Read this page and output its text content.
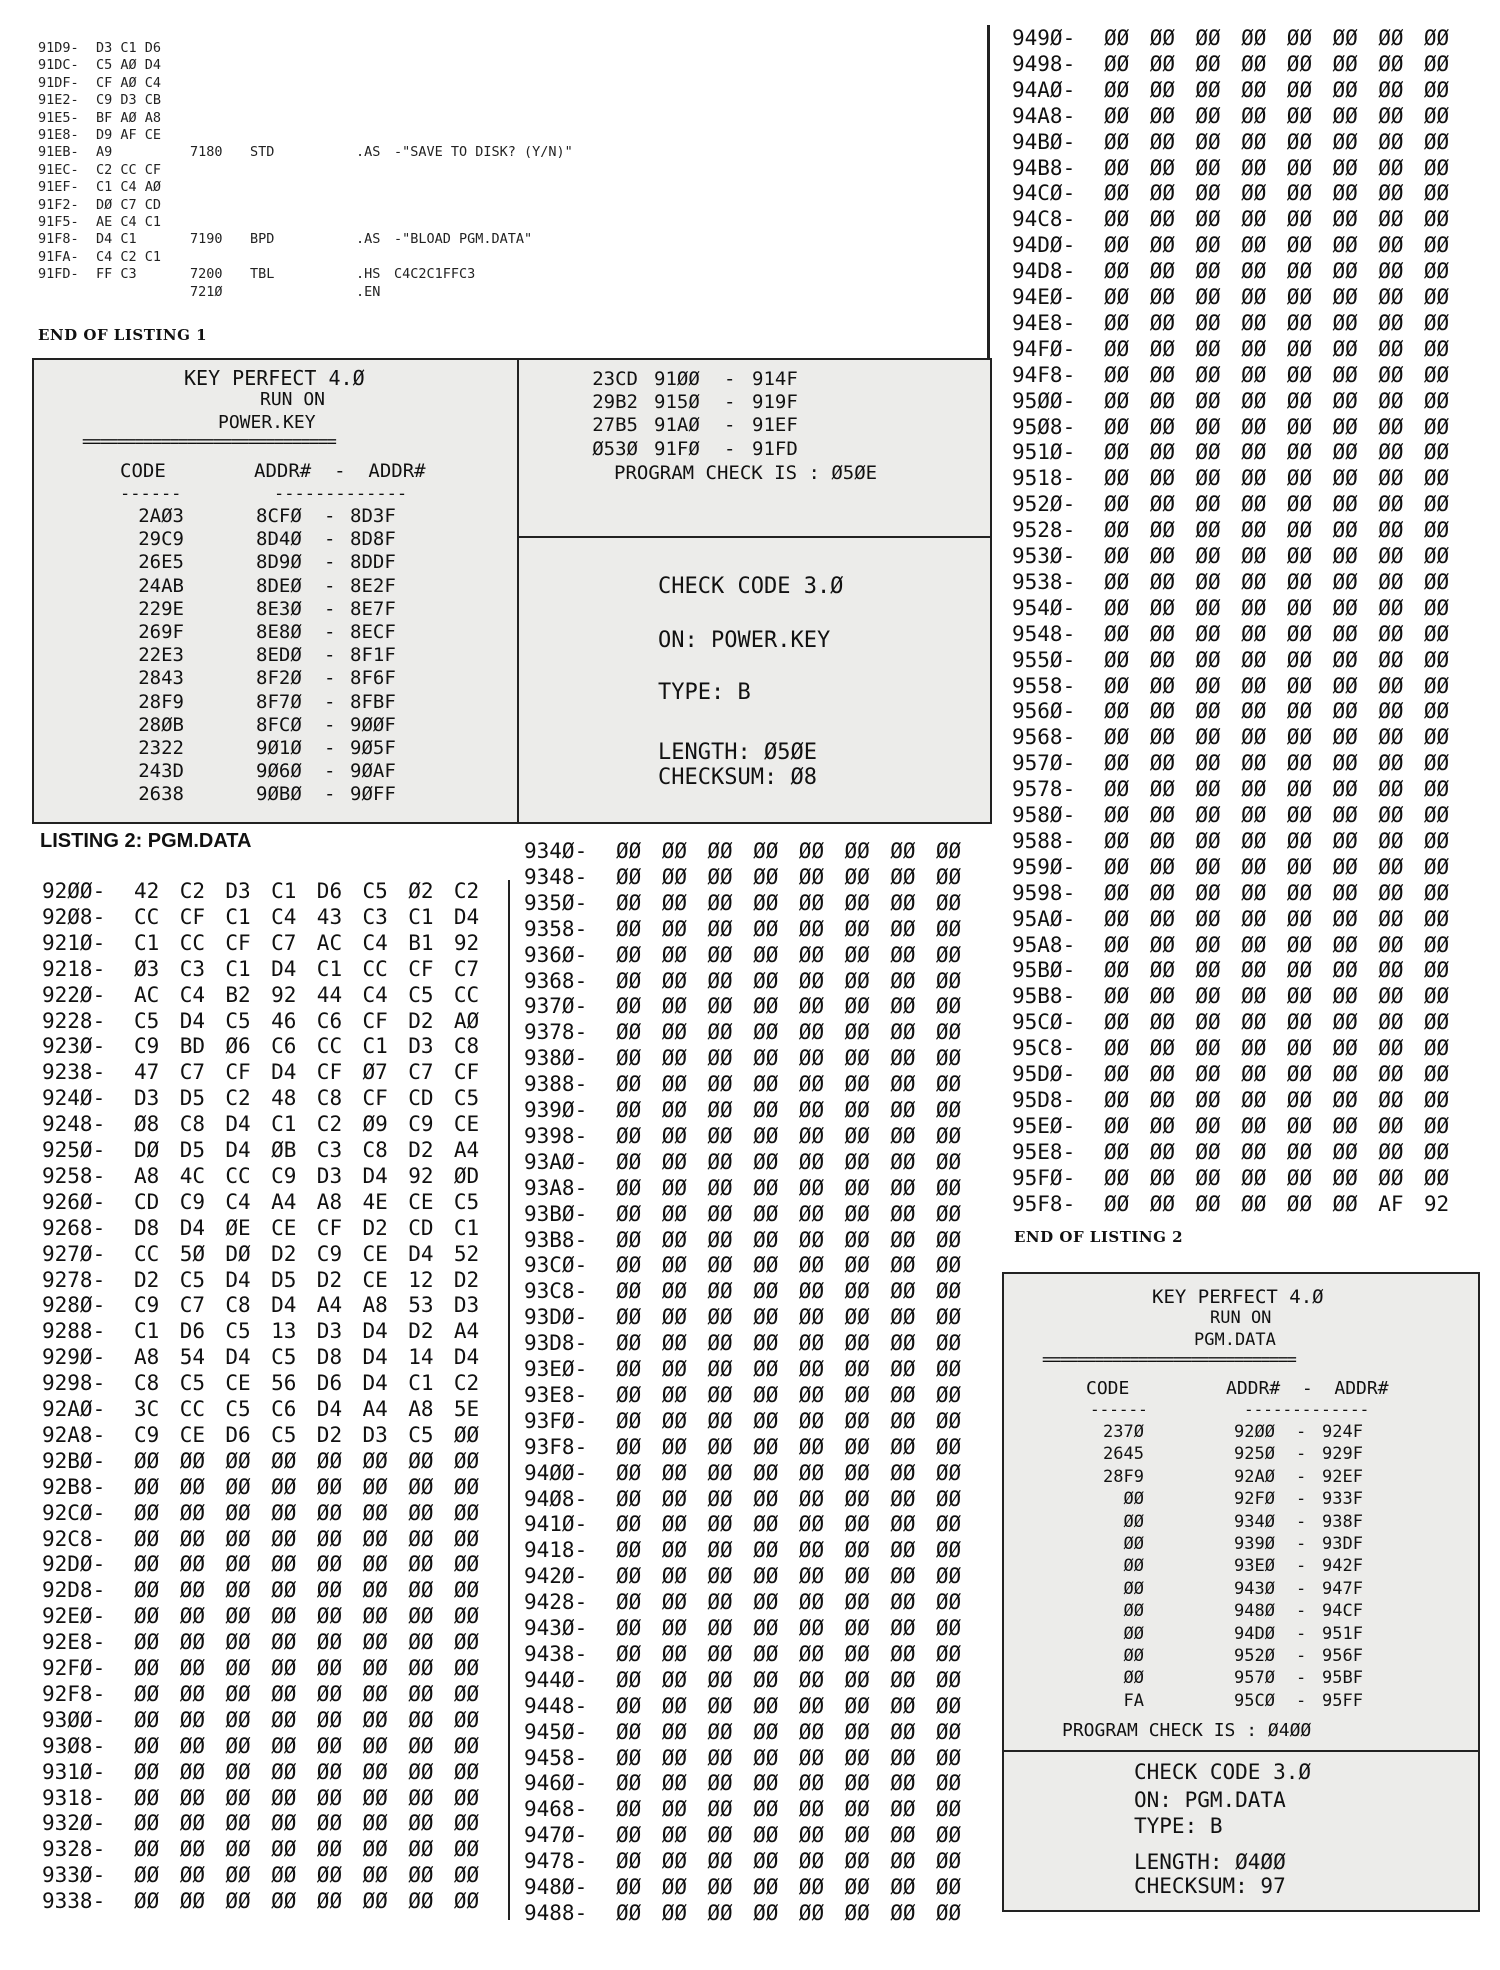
91D9- D3 C1 D6
91DC- C5 AØ D4
91DF- CF AØ C4
91E2- C9 D3 CB
91E5- BF AØ A8
91E8- D9 AF CE
91EB- A9	7180 STD	.AS -"SAVE TO DISK? (Y/N)"
91EC- C2 CC CF
91EF- C1 C4 AØ
91F2- DØ C7 CD
91F5- AE C4 C1
91F8- D4 C1	7190 BPD	.AS -"BLOAD PGM.DATA"
91FA- C4 C2 C1
91FD- FF C3	7200 TBL	.HS C4C2C1FFC3
721Ø	.EN
END OF LISTING 1
KEY PERFECT 4.Ø
RUN ON
POWER.KEY
=============================
CODE	ADDR#  -  ADDR#
------	-------------
2AØ3	8CFØ - 8D3F
29C9	8D4Ø - 8D8F
26E5	8D9Ø - 8DDF
24AB	8DEØ - 8E2F
229E	8E3Ø - 8E7F
269F	8E8Ø - 8ECF
22E3	8EDØ - 8F1F
2843	8F2Ø - 8F6F
28F9	8F7Ø - 8FBF
28ØB	8FCØ - 9ØØF
2322	9Ø1Ø - 9Ø5F
243D	9Ø6Ø - 9ØAF
2638	9ØBØ - 9ØFF
23CD 91ØØ - 914F
29B2 915Ø - 919F
27B5 91AØ - 91EF
Ø53Ø 91FØ - 91FD
PROGRAM CHECK IS : Ø5ØE
CHECK CODE 3.Ø
ON: POWER.KEY
TYPE: B
LENGTH: Ø5ØE
CHECKSUM: Ø8
LISTING 2: PGM.DATA
92ØØ- 42 C2 D3 C1 D6 C5 Ø2 C2
92Ø8- CC CF C1 C4 43 C3 C1 D4
921Ø- C1 CC CF C7 AC C4 B1 92
9218- Ø3 C3 C1 D4 C1 CC CF C7
922Ø- AC C4 B2 92 44 C4 C5 CC
9228- C5 D4 C5 46 C6 CF D2 AØ
923Ø- C9 BD Ø6 C6 CC C1 D3 C8
9238- 47 C7 CF D4 CF Ø7 C7 CF
924Ø- D3 D5 C2 48 C8 CF CD C5
9248- Ø8 C8 D4 C1 C2 Ø9 C9 CE
925Ø- DØ D5 D4 ØB C3 C8 D2 A4
9258- A8 4C CC C9 D3 D4 92 ØD
926Ø- CD C9 C4 A4 A8 4E CE C5
9268- D8 D4 ØE CE CF D2 CD C1
927Ø- CC 5Ø DØ D2 C9 CE D4 52
9278- D2 C5 D4 D5 D2 CE 12 D2
928Ø- C9 C7 C8 D4 A4 A8 53 D3
9288- C1 D6 C5 13 D3 D4 D2 A4
929Ø- A8 54 D4 C5 D8 D4 14 D4
9298- C8 C5 CE 56 D6 D4 C1 C2
92AØ- 3C CC C5 C6 D4 A4 A8 5E
92A8- C9 CE D6 C5 D2 D3 C5 ØØ
92BØ- ØØ ØØ ØØ ØØ ØØ ØØ ØØ ØØ
92B8- ØØ ØØ ØØ ØØ ØØ ØØ ØØ ØØ
92CØ- ØØ ØØ ØØ ØØ ØØ ØØ ØØ ØØ
92C8- ØØ ØØ ØØ ØØ ØØ ØØ ØØ ØØ
92DØ- ØØ ØØ ØØ ØØ ØØ ØØ ØØ ØØ
92D8- ØØ ØØ ØØ ØØ ØØ ØØ ØØ ØØ
92EØ- ØØ ØØ ØØ ØØ ØØ ØØ ØØ ØØ
92E8- ØØ ØØ ØØ ØØ ØØ ØØ ØØ ØØ
92FØ- ØØ ØØ ØØ ØØ ØØ ØØ ØØ ØØ
92F8- ØØ ØØ ØØ ØØ ØØ ØØ ØØ ØØ
93ØØ- ØØ ØØ ØØ ØØ ØØ ØØ ØØ ØØ
93Ø8- ØØ ØØ ØØ ØØ ØØ ØØ ØØ ØØ
931Ø- ØØ ØØ ØØ ØØ ØØ ØØ ØØ ØØ
9318- ØØ ØØ ØØ ØØ ØØ ØØ ØØ ØØ
932Ø- ØØ ØØ ØØ ØØ ØØ ØØ ØØ ØØ
9328- ØØ ØØ ØØ ØØ ØØ ØØ ØØ ØØ
933Ø- ØØ ØØ ØØ ØØ ØØ ØØ ØØ ØØ
9338- ØØ ØØ ØØ ØØ ØØ ØØ ØØ ØØ
934Ø- ØØ ØØ ØØ ØØ ØØ ØØ ØØ ØØ
9348- ØØ ØØ ØØ ØØ ØØ ØØ ØØ ØØ
935Ø- ØØ ØØ ØØ ØØ ØØ ØØ ØØ ØØ
9358- ØØ ØØ ØØ ØØ ØØ ØØ ØØ ØØ
936Ø- ØØ ØØ ØØ ØØ ØØ ØØ ØØ ØØ
9368- ØØ ØØ ØØ ØØ ØØ ØØ ØØ ØØ
937Ø- ØØ ØØ ØØ ØØ ØØ ØØ ØØ ØØ
9378- ØØ ØØ ØØ ØØ ØØ ØØ ØØ ØØ
938Ø- ØØ ØØ ØØ ØØ ØØ ØØ ØØ ØØ
9388- ØØ ØØ ØØ ØØ ØØ ØØ ØØ ØØ
939Ø- ØØ ØØ ØØ ØØ ØØ ØØ ØØ ØØ
9398- ØØ ØØ ØØ ØØ ØØ ØØ ØØ ØØ
93AØ- ØØ ØØ ØØ ØØ ØØ ØØ ØØ ØØ
93A8- ØØ ØØ ØØ ØØ ØØ ØØ ØØ ØØ
93BØ- ØØ ØØ ØØ ØØ ØØ ØØ ØØ ØØ
93B8- ØØ ØØ ØØ ØØ ØØ ØØ ØØ ØØ
93CØ- ØØ ØØ ØØ ØØ ØØ ØØ ØØ ØØ
93C8- ØØ ØØ ØØ ØØ ØØ ØØ ØØ ØØ
93DØ- ØØ ØØ ØØ ØØ ØØ ØØ ØØ ØØ
93D8- ØØ ØØ ØØ ØØ ØØ ØØ ØØ ØØ
93EØ- ØØ ØØ ØØ ØØ ØØ ØØ ØØ ØØ
93E8- ØØ ØØ ØØ ØØ ØØ ØØ ØØ ØØ
93FØ- ØØ ØØ ØØ ØØ ØØ ØØ ØØ ØØ
93F8- ØØ ØØ ØØ ØØ ØØ ØØ ØØ ØØ
94ØØ- ØØ ØØ ØØ ØØ ØØ ØØ ØØ ØØ
94Ø8- ØØ ØØ ØØ ØØ ØØ ØØ ØØ ØØ
941Ø- ØØ ØØ ØØ ØØ ØØ ØØ ØØ ØØ
9418- ØØ ØØ ØØ ØØ ØØ ØØ ØØ ØØ
942Ø- ØØ ØØ ØØ ØØ ØØ ØØ ØØ ØØ
9428- ØØ ØØ ØØ ØØ ØØ ØØ ØØ ØØ
943Ø- ØØ ØØ ØØ ØØ ØØ ØØ ØØ ØØ
9438- ØØ ØØ ØØ ØØ ØØ ØØ ØØ ØØ
944Ø- ØØ ØØ ØØ ØØ ØØ ØØ ØØ ØØ
9448- ØØ ØØ ØØ ØØ ØØ ØØ ØØ ØØ
945Ø- ØØ ØØ ØØ ØØ ØØ ØØ ØØ ØØ
9458- ØØ ØØ ØØ ØØ ØØ ØØ ØØ ØØ
946Ø- ØØ ØØ ØØ ØØ ØØ ØØ ØØ ØØ
9468- ØØ ØØ ØØ ØØ ØØ ØØ ØØ ØØ
947Ø- ØØ ØØ ØØ ØØ ØØ ØØ ØØ ØØ
9478- ØØ ØØ ØØ ØØ ØØ ØØ ØØ ØØ
948Ø- ØØ ØØ ØØ ØØ ØØ ØØ ØØ ØØ
9488- ØØ ØØ ØØ ØØ ØØ ØØ ØØ ØØ
949Ø- ØØ ØØ ØØ ØØ ØØ ØØ ØØ ØØ
9498- ØØ ØØ ØØ ØØ ØØ ØØ ØØ ØØ
94AØ- ØØ ØØ ØØ ØØ ØØ ØØ ØØ ØØ
94A8- ØØ ØØ ØØ ØØ ØØ ØØ ØØ ØØ
94BØ- ØØ ØØ ØØ ØØ ØØ ØØ ØØ ØØ
94B8- ØØ ØØ ØØ ØØ ØØ ØØ ØØ ØØ
94CØ- ØØ ØØ ØØ ØØ ØØ ØØ ØØ ØØ
94C8- ØØ ØØ ØØ ØØ ØØ ØØ ØØ ØØ
94DØ- ØØ ØØ ØØ ØØ ØØ ØØ ØØ ØØ
94D8- ØØ ØØ ØØ ØØ ØØ ØØ ØØ ØØ
94EØ- ØØ ØØ ØØ ØØ ØØ ØØ ØØ ØØ
94E8- ØØ ØØ ØØ ØØ ØØ ØØ ØØ ØØ
94FØ- ØØ ØØ ØØ ØØ ØØ ØØ ØØ ØØ
94F8- ØØ ØØ ØØ ØØ ØØ ØØ ØØ ØØ
95ØØ- ØØ ØØ ØØ ØØ ØØ ØØ ØØ ØØ
95Ø8- ØØ ØØ ØØ ØØ ØØ ØØ ØØ ØØ
951Ø- ØØ ØØ ØØ ØØ ØØ ØØ ØØ ØØ
9518- ØØ ØØ ØØ ØØ ØØ ØØ ØØ ØØ
952Ø- ØØ ØØ ØØ ØØ ØØ ØØ ØØ ØØ
9528- ØØ ØØ ØØ ØØ ØØ ØØ ØØ ØØ
953Ø- ØØ ØØ ØØ ØØ ØØ ØØ ØØ ØØ
9538- ØØ ØØ ØØ ØØ ØØ ØØ ØØ ØØ
954Ø- ØØ ØØ ØØ ØØ ØØ ØØ ØØ ØØ
9548- ØØ ØØ ØØ ØØ ØØ ØØ ØØ ØØ
955Ø- ØØ ØØ ØØ ØØ ØØ ØØ ØØ ØØ
9558- ØØ ØØ ØØ ØØ ØØ ØØ ØØ ØØ
956Ø- ØØ ØØ ØØ ØØ ØØ ØØ ØØ ØØ
9568- ØØ ØØ ØØ ØØ ØØ ØØ ØØ ØØ
957Ø- ØØ ØØ ØØ ØØ ØØ ØØ ØØ ØØ
9578- ØØ ØØ ØØ ØØ ØØ ØØ ØØ ØØ
958Ø- ØØ ØØ ØØ ØØ ØØ ØØ ØØ ØØ
9588- ØØ ØØ ØØ ØØ ØØ ØØ ØØ ØØ
959Ø- ØØ ØØ ØØ ØØ ØØ ØØ ØØ ØØ
9598- ØØ ØØ ØØ ØØ ØØ ØØ ØØ ØØ
95AØ- ØØ ØØ ØØ ØØ ØØ ØØ ØØ ØØ
95A8- ØØ ØØ ØØ ØØ ØØ ØØ ØØ ØØ
95BØ- ØØ ØØ ØØ ØØ ØØ ØØ ØØ ØØ
95B8- ØØ ØØ ØØ ØØ ØØ ØØ ØØ ØØ
95CØ- ØØ ØØ ØØ ØØ ØØ ØØ ØØ ØØ
95C8- ØØ ØØ ØØ ØØ ØØ ØØ ØØ ØØ
95DØ- ØØ ØØ ØØ ØØ ØØ ØØ ØØ ØØ
95D8- ØØ ØØ ØØ ØØ ØØ ØØ ØØ ØØ
95EØ- ØØ ØØ ØØ ØØ ØØ ØØ ØØ ØØ
95E8- ØØ ØØ ØØ ØØ ØØ ØØ ØØ ØØ
95FØ- ØØ ØØ ØØ ØØ ØØ ØØ ØØ ØØ
95F8- ØØ ØØ ØØ ØØ ØØ ØØ AF 92
END OF LISTING 2
KEY PERFECT 4.Ø
RUN ON
PGM.DATA
=============================
CODE	ADDR#  -  ADDR#
------	-------------
237Ø	92ØØ - 924F
2645	925Ø - 929F
28F9	92AØ - 92EF
ØØ	92FØ - 933F
ØØ	934Ø - 938F
ØØ	939Ø - 93DF
ØØ	93EØ - 942F
ØØ	943Ø - 947F
ØØ	948Ø - 94CF
ØØ	94DØ - 951F
ØØ	952Ø - 956F
ØØ	957Ø - 95BF
FA	95CØ - 95FF
PROGRAM CHECK IS : Ø4ØØ
CHECK CODE 3.Ø
ON: PGM.DATA
TYPE: B
LENGTH: Ø4ØØ
CHECKSUM: 97
